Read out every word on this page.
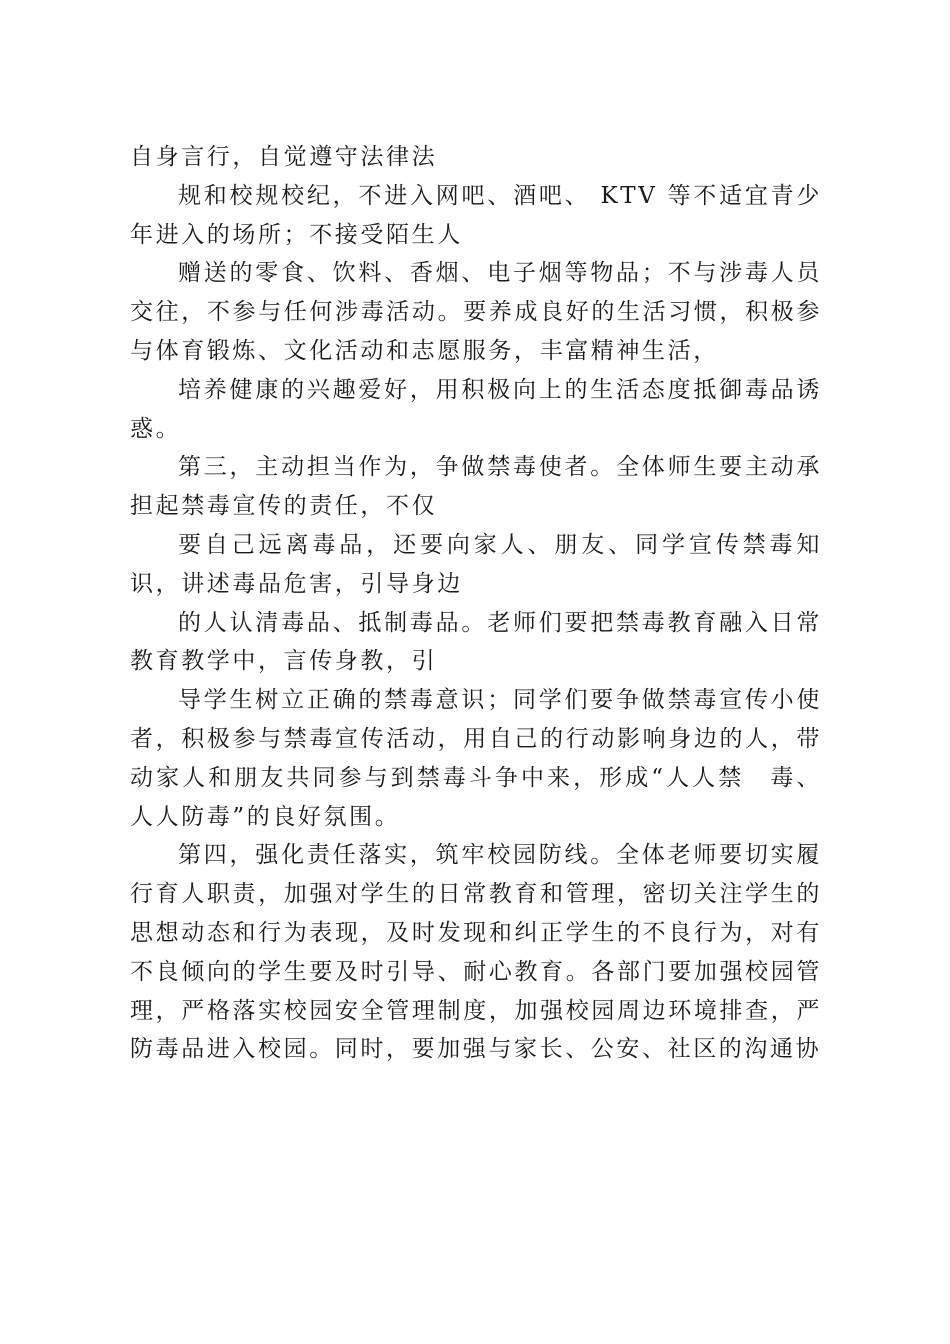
自身言行，自觉遵守法律法

规和校规校纪，不进入网吧、酒吧、 KTV 等不适宜青少年进入的场所；不接受陌生人

赠送的零食、饮料、香烟、电子烟等物品；不与涉毒人员交往，不参与任何涉毒活动。要养成良好的生活习惯，积极参与体育锻炼、文化活动和志愿服务，丰富精神生活，

培养健康的兴趣爱好，用积极向上的生活态度抵御毒品诱惑。

第三，主动担当作为，争做禁毒使者。全体师生要主动承担起禁毒宣传的责任，不仅

要自己远离毒品，还要向家人、朋友、同学宣传禁毒知识，讲述毒品危害，引导身边

的人认清毒品、抵制毒品。老师们要把禁毒教育融入日常教育教学中，言传身教，引

导学生树立正确的禁毒意识；同学们要争做禁毒宣传小使者，积极参与禁毒宣传活动，用自己的行动影响身边的人，带动家人和朋友共同参与到禁毒斗争中来，形成“人人禁　毒、人人防毒”的良好氛围。

第四，强化责任落实，筑牢校园防线。全体老师要切实履行育人职责，加强对学生的日常教育和管理，密切关注学生的思想动态和行为表现，及时发现和纠正学生的不良行为，对有不良倾向的学生要及时引导、耐心教育。各部门要加强校园管理，严格落实校园安全管理制度，加强校园周边环境排查，严防毒品进入校园。同时，要加强与家长、公安、社区的沟通协
